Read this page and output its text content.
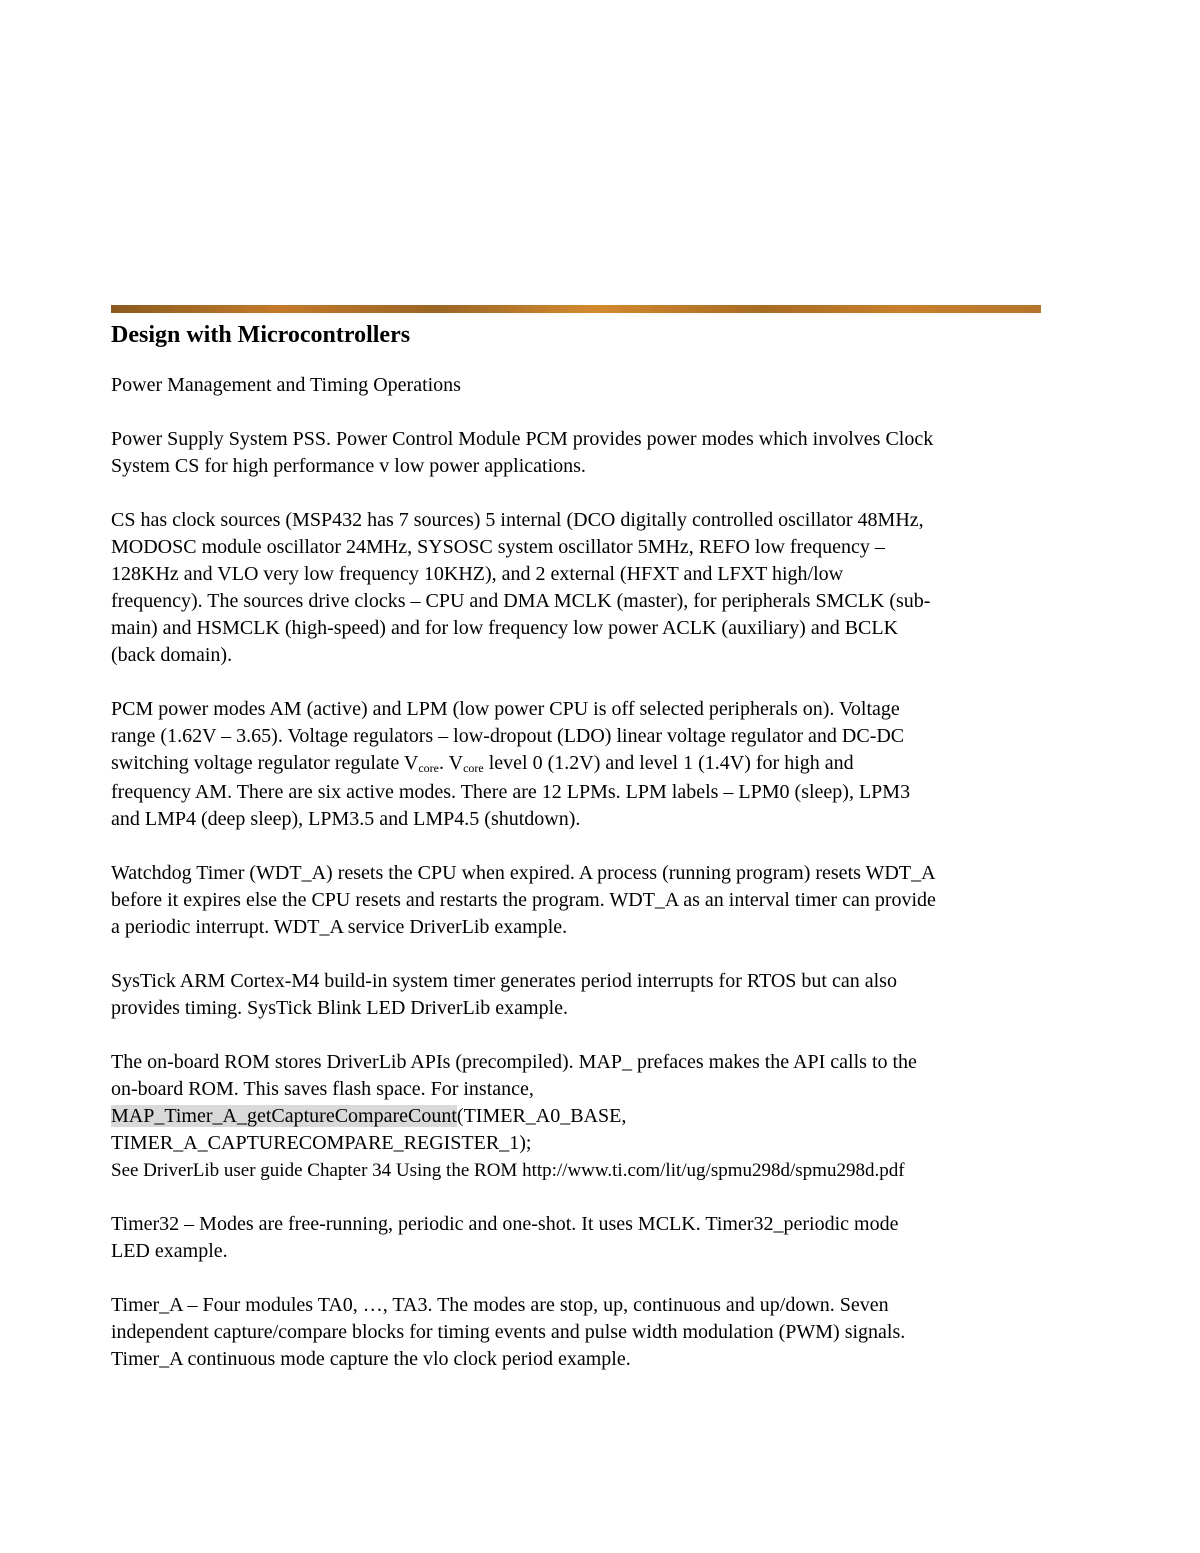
Design with Microcontrollers
Power Management and Timing Operations
Power Supply System PSS. Power Control Module PCM provides power modes which involves Clock
System CS for high performance v low power applications.
CS has clock sources (MSP432 has 7 sources) 5 internal (DCO digitally controlled oscillator 48MHz,
MODOSC module oscillator 24MHz, SYSOSC system oscillator 5MHz, REFO low frequency –
128KHz and VLO very low frequency 10KHZ), and 2 external (HFXT and LFXT high/low
frequency). The sources drive clocks – CPU and DMA MCLK (master), for peripherals SMCLK (sub-
main) and HSMCLK (high-speed) and for low frequency low power ACLK (auxiliary) and BCLK
(back domain).
PCM power modes AM (active) and LPM (low power CPU is off selected peripherals on). Voltage
range (1.62V – 3.65). Voltage regulators – low-dropout (LDO) linear voltage regulator and DC-DC
switching voltage regulator regulate Vcore. Vcore level 0 (1.2V) and level 1 (1.4V) for high and
frequency AM. There are six active modes. There are 12 LPMs. LPM labels – LPM0 (sleep), LPM3
and LMP4 (deep sleep), LPM3.5 and LMP4.5 (shutdown).
Watchdog Timer (WDT_A) resets the CPU when expired. A process (running program) resets WDT_A
before it expires else the CPU resets and restarts the program. WDT_A as an interval timer can provide
a periodic interrupt. WDT_A service DriverLib example.
SysTick ARM Cortex-M4 build-in system timer generates period interrupts for RTOS but can also
provides timing. SysTick Blink LED DriverLib example.
The on-board ROM stores DriverLib APIs (precompiled). MAP_ prefaces makes the API calls to the
on-board ROM. This saves flash space. For instance,
MAP_Timer_A_getCaptureCompareCount(TIMER_A0_BASE,
TIMER_A_CAPTURECOMPARE_REGISTER_1);
See DriverLib user guide Chapter 34 Using the ROM http://www.ti.com/lit/ug/spmu298d/spmu298d.pdf
Timer32 – Modes are free-running, periodic and one-shot. It uses MCLK. Timer32_periodic mode
LED example.
Timer_A – Four modules TA0, …, TA3. The modes are stop, up, continuous and up/down. Seven
independent capture/compare blocks for timing events and pulse width modulation (PWM) signals.
Timer_A continuous mode capture the vlo clock period example.
